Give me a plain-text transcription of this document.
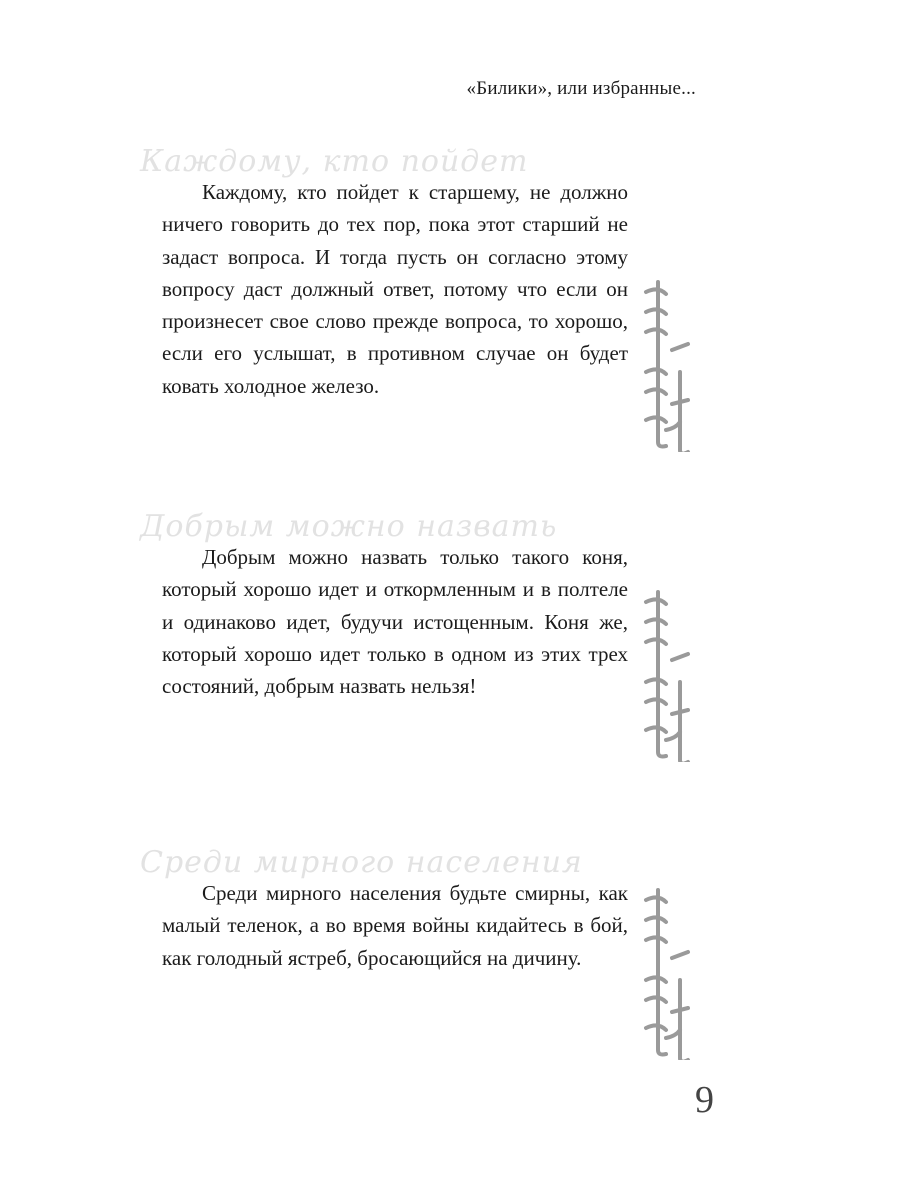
«Билики», или избранные...
Каждому, кто пойдет

Каждому, кто пойдет к старшему, не должно ничего говорить до тех пор, пока этот старший не задаст вопроса. И тогда пусть он согласно этому вопросу даст должный ответ, потому что если он произнесет свое слово прежде вопроса, то хорошо, если его услышат, в противном случае он будет ковать холодное железо.

Добрым можно назвать

Добрым можно назвать только такого коня, который хорошо идет и откормленным и в полтеле и одинаково идет, будучи истощенным. Коня же, который хорошо идет только в одном из этих трех состояний, добрым назвать нельзя!

Среди мирного населения

Среди мирного населения будьте смирны, как малый теленок, а во время войны кидайтесь в бой, как голодный ястреб, бросающийся на дичину.

9
